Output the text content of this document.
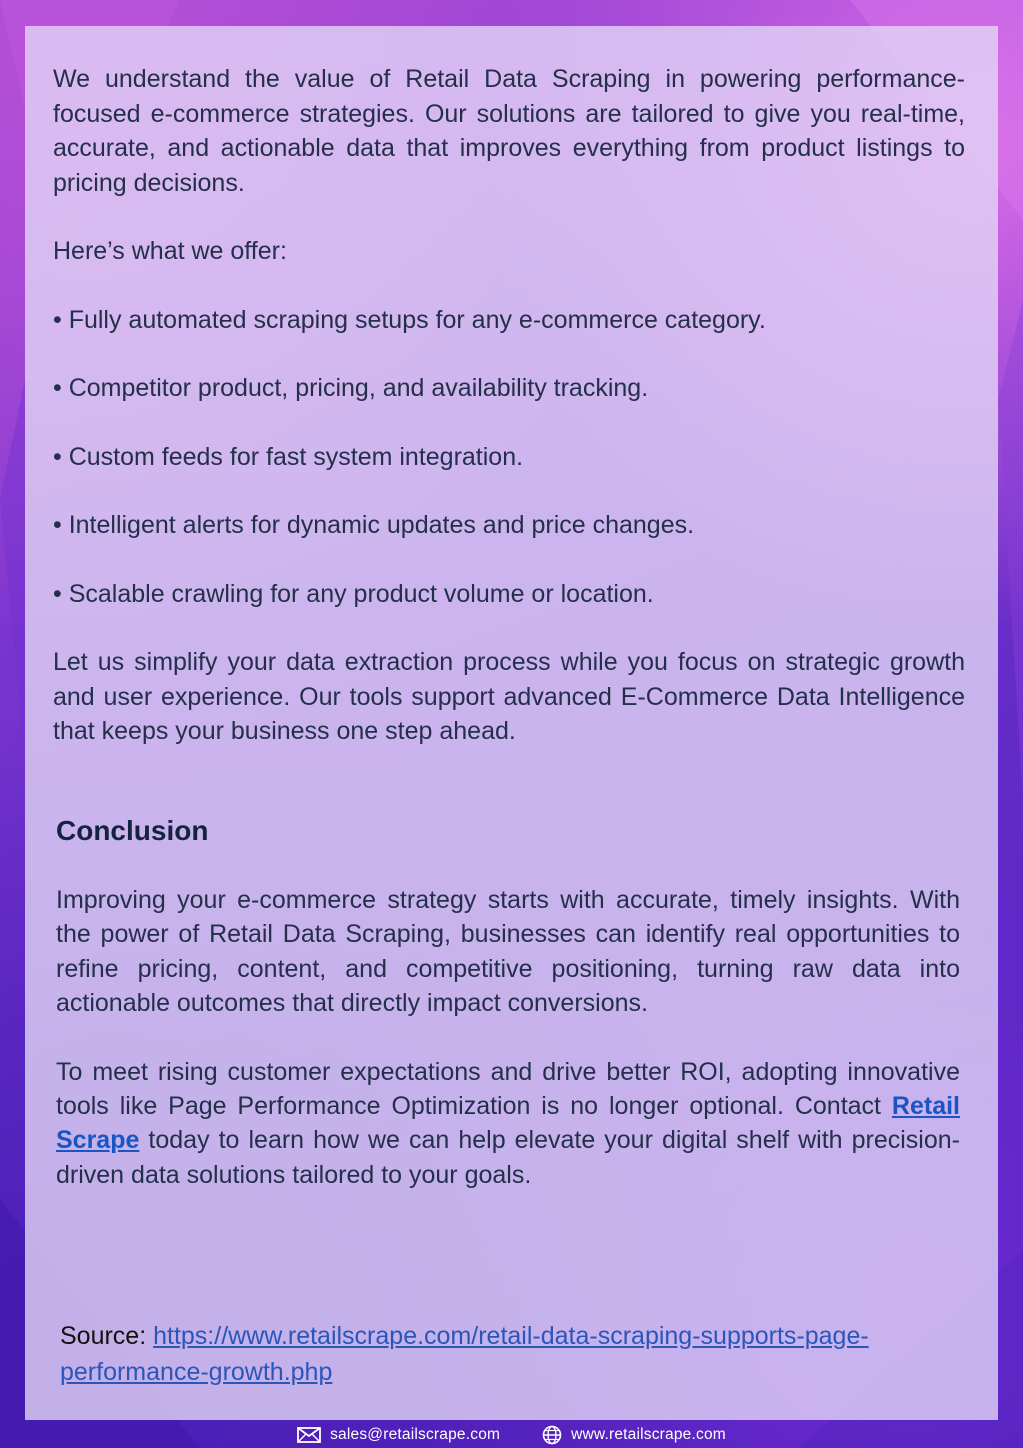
We understand the value of Retail Data Scraping in powering performance-focused e-commerce strategies. Our solutions are tailored to give you real-time, accurate, and actionable data that improves everything from product listings to pricing decisions.

Here’s what we offer:

• Fully automated scraping setups for any e-commerce category.

• Competitor product, pricing, and availability tracking.

• Custom feeds for fast system integration.

• Intelligent alerts for dynamic updates and price changes.

• Scalable crawling for any product volume or location.

Let us simplify your data extraction process while you focus on strategic growth and user experience. Our tools support advanced E-Commerce Data Intelligence that keeps your business one step ahead.

Conclusion

Improving your e-commerce strategy starts with accurate, timely insights. With the power of Retail Data Scraping, businesses can identify real opportunities to refine pricing, content, and competitive positioning, turning raw data into actionable outcomes that directly impact conversions.

To meet rising customer expectations and drive better ROI, adopting innovative tools like Page Performance Optimization is no longer optional. Contact Retail Scrape today to learn how we can help elevate your digital shelf with precision-driven data solutions tailored to your goals.

Source: https://www.retailscrape.com/retail-data-scraping-supports-page-performance-growth.php
sales@retailscrape.com	www.retailscrape.com
